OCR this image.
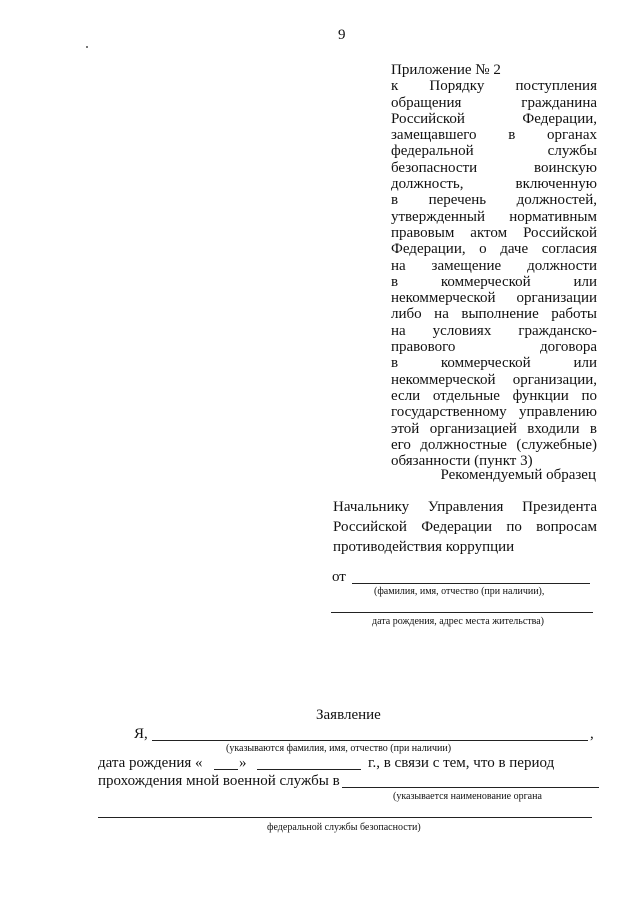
9
Приложение № 2
к Порядку поступления
обращения гражданина
Российской Федерации,
замещавшего в органах
федеральной службы
безопасности воинскую
должность, включенную
в перечень должностей,
утвержденный нормативным
правовым актом Российской
Федерации, о даче согласия
на замещение должности
в коммерческой или
некоммерческой организации
либо на выполнение работы
на условиях гражданско-
правового договора
в коммерческой или
некоммерческой организации,
если отдельные функции по
государственному управлению
этой организацией входили в
его должностные (служебные)
обязанности (пункт 3)
Рекомендуемый образец
Начальнику Управления Президента
Российской Федерации по вопросам
противодействия коррупции
от
(фамилия, имя, отчество (при наличии),
дата рождения, адрес места жительства)
Заявление
Я,	,
(указываются фамилия, имя, отчество (при наличии)
дата рождения « »	г., в связи с тем, что в период
прохождения мной военной службы в
(указывается наименование органа
федеральной службы безопасности)
